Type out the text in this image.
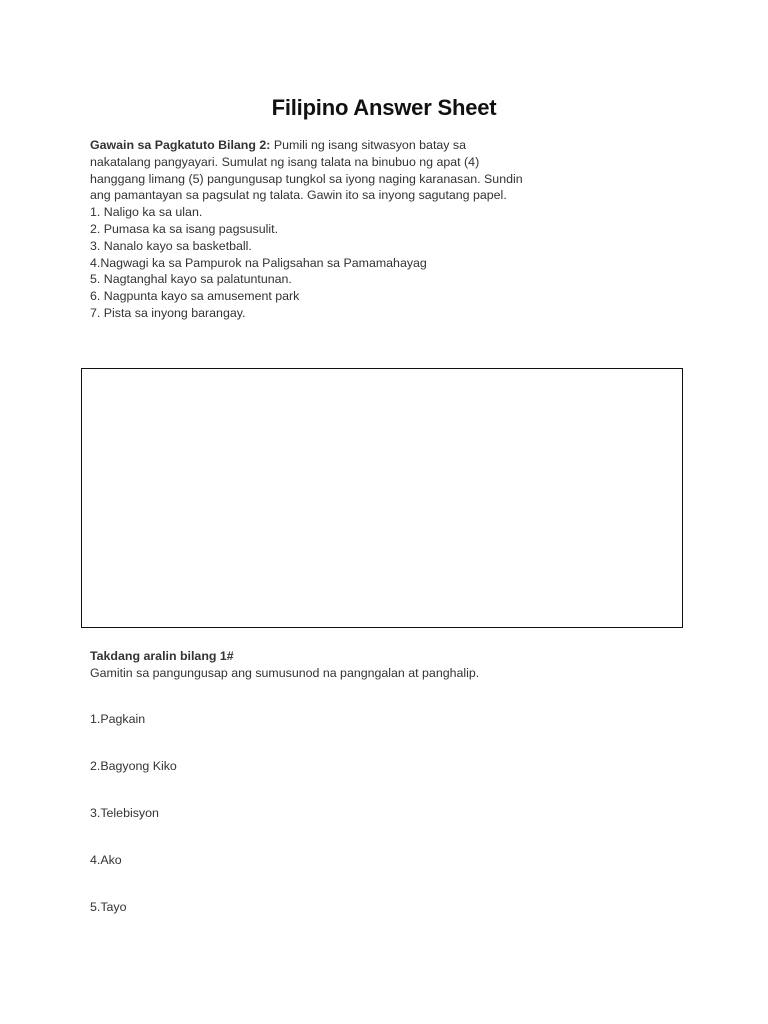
Filipino Answer Sheet

Gawain sa Pagkatuto Bilang 2: Pumili ng isang sitwasyon batay sa nakatalang pangyayari. Sumulat ng isang talata na binubuo ng apat (4) hanggang limang (5) pangungusap tungkol sa iyong naging karanasan. Sundin ang pamantayan sa pagsulat ng talata. Gawin ito sa inyong sagutang papel.

1. Naligo ka sa ulan.
2. Pumasa ka sa isang pagsusulit.
3. Nanalo kayo sa basketball.
4.Nagwagi ka sa Pampurok na Paligsahan sa Pamamahayag
5. Nagtanghal kayo sa palatuntunan.
6. Nagpunta kayo sa amusement park
7. Pista sa inyong barangay.
Takdang aralin bilang 1#
Gamitin sa pangungusap ang sumusunod na pangngalan at panghalip.
1.Pagkain
2.Bagyong Kiko
3.Telebisyon
4.Ako
5.Tayo
